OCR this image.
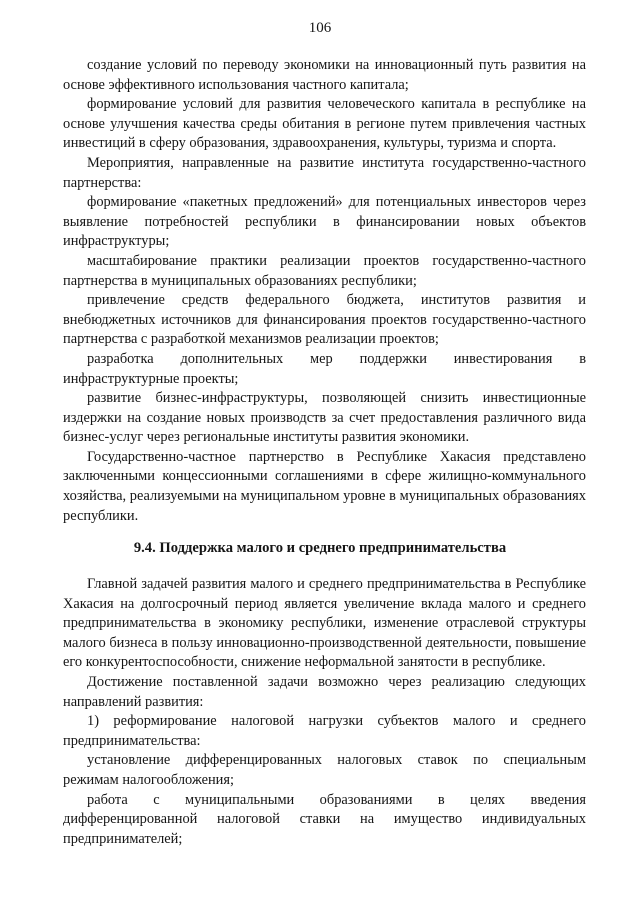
106

создание условий по переводу экономики на инновационный путь развития на основе эффективного использования частного капитала;

формирование условий для развития человеческого капитала в республике на основе улучшения качества среды обитания в регионе путем привлечения частных инвестиций в сферу образования, здравоохранения, культуры, туризма и спорта.

Мероприятия, направленные на развитие института государственно-частного партнерства:

формирование «пакетных предложений» для потенциальных инвесторов через выявление потребностей республики в финансировании новых объектов инфраструктуры;

масштабирование практики реализации проектов государственно-частного партнерства в муниципальных образованиях республики;

привлечение средств федерального бюджета, институтов развития и внебюджетных источников для финансирования проектов государственно-частного партнерства с разработкой механизмов реализации проектов;

разработка дополнительных мер поддержки инвестирования в инфраструктурные проекты;

развитие бизнес-инфраструктуры, позволяющей снизить инвестиционные издержки на создание новых производств за счет предоставления различного вида бизнес-услуг через региональные институты развития экономики.

Государственно-частное партнерство в Республике Хакасия представлено заключенными концессионными соглашениями в сфере жилищно-коммунального хозяйства, реализуемыми на муниципальном уровне в муниципальных образованиях республики.

9.4. Поддержка малого и среднего предпринимательства

Главной задачей развития малого и среднего предпринимательства в Республике Хакасия на долгосрочный период является увеличение вклада малого и среднего предпринимательства в экономику республики, изменение отраслевой структуры малого бизнеса в пользу инновационно-производственной деятельности, повышение его конкурентоспособности, снижение неформальной занятости в республике.

Достижение поставленной задачи возможно через реализацию следующих направлений развития:

1) реформирование налоговой нагрузки субъектов малого и среднего предпринимательства:

установление дифференцированных налоговых ставок по специальным режимам налогообложения;

работа с муниципальными образованиями в целях введения дифференцированной налоговой ставки на имущество индивидуальных предпринимателей;
